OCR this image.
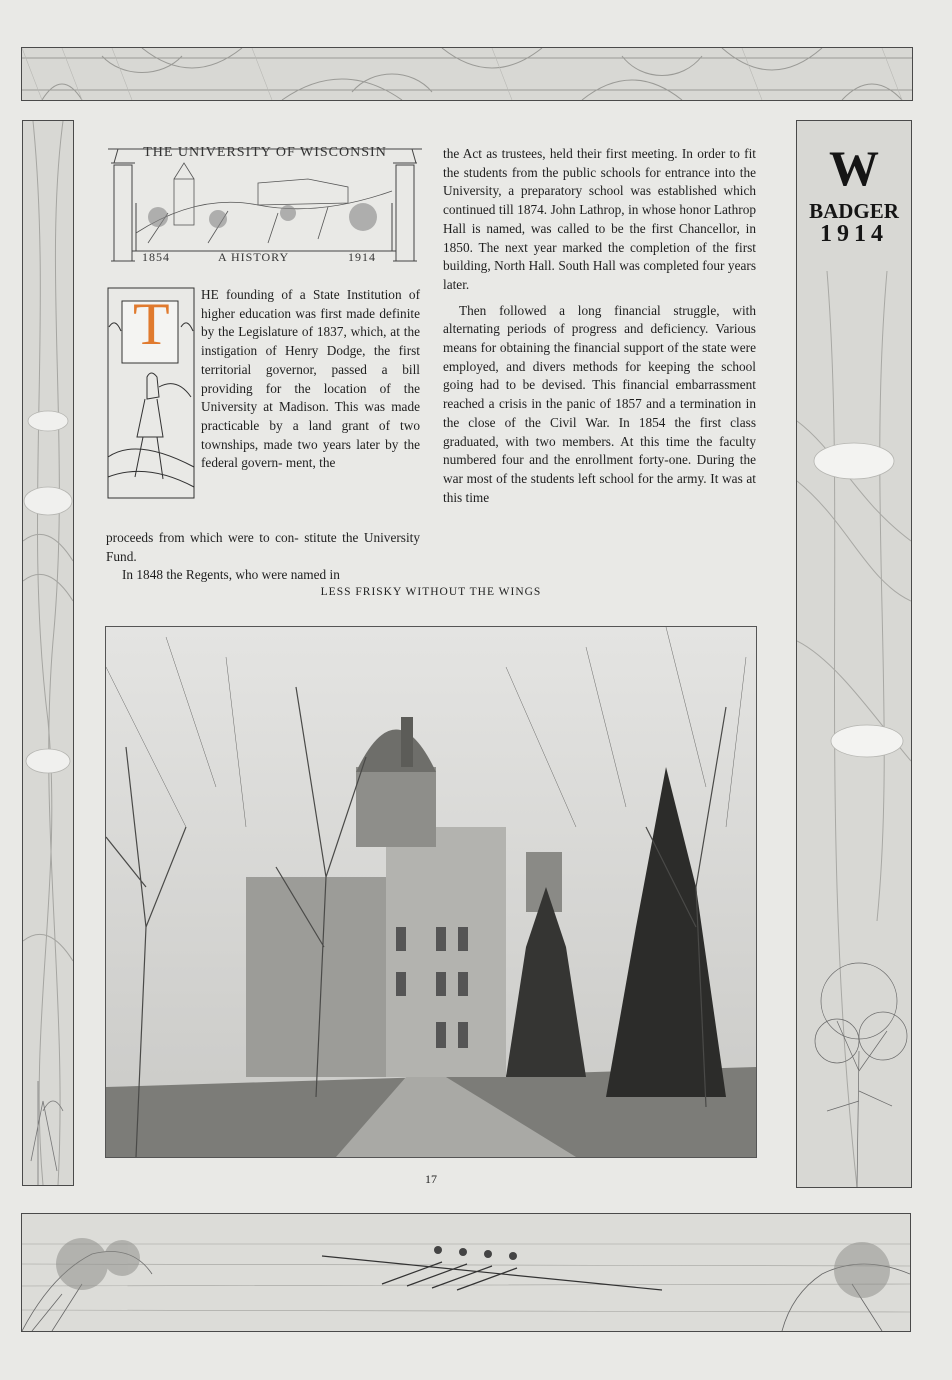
W
BADGER
1914
THE UNIVERSITY OF WISCONSIN
1854	A HISTORY	1914
T HE founding of a State Institution of higher education was first made definite by the Legislature of 1837, which, at the instigation of Henry Dodge, the first territorial governor, passed a bill providing for the location of the University at Madison. This was made practicable by a land grant of two townships, made two years later by the federal govern- ment, the

proceeds from which were to con- stitute the University Fund.

In 1848 the Regents, who were named in

the Act as trustees, held their first meeting. In order to fit the students from the public schools for entrance into the University, a preparatory school was established which continued till 1874. John Lathrop, in whose honor Lathrop Hall is named, was called to be the first Chancellor, in 1850. The next year marked the completion of the first building, North Hall. South Hall was completed four years later.

Then followed a long financial struggle, with alternating periods of progress and deficiency. Various means for obtaining the financial support of the state were employed, and divers methods for keeping the school going had to be devised. This financial embarrassment reached a crisis in the panic of 1857 and a termination in the close of the Civil War. In 1854 the first class graduated, with two members. At this time the faculty numbered four and the enrollment forty-one. During the war most of the students left school for the army. It was at this time

LESS FRISKY WITHOUT THE WINGS
17
